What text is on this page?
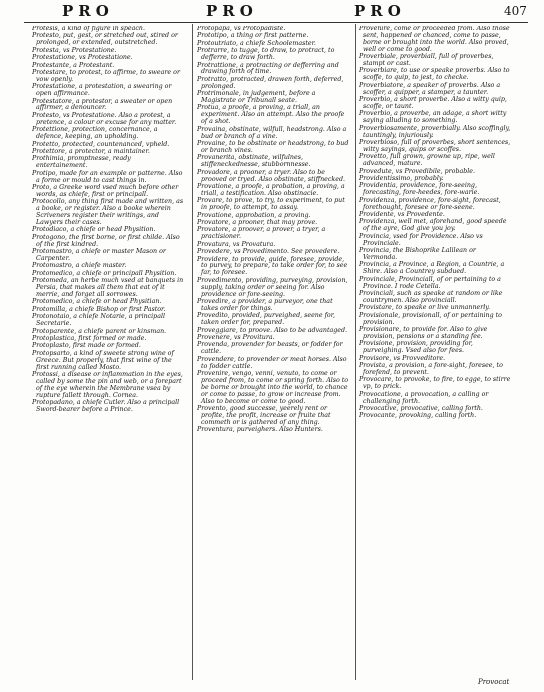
PRO	PRO	PRO	407
Protesis, a kind of figure in speach.
Protesto, put, gest, or stretched out, stired or prolonged, or extended, outstretched.
Protesta, vs Protestatione.
Protestatione, vs Protestatione.
Protestante, a Protestant.
Protestare, to protest, to affirme, to sweare or vow openly.
Protestatione, a protestation, a swearing or open affirmance.
Protestatore, a protestor, a sweater or open affirmer, a denouncer.
Protesto, vs Protestatione. Also a protest, a pretence, a colour or excuse for any matter.
Protettione, protection, concernance, a defence, keeping, an upholding.
Protetto, protected, countenanced, vpheld.
Protettore, a protector, a maintainer.
Prothimia, promptnesse, ready entertainement.
Protipo, made for an example or patterne. Also a forme or mould to cast things in.
Proto, a Greeke word vsed much before other words, as chiefe, first or principall.
Protocollo, any thing first made and written, as a booke, or register. Also a booke wherein Scriveners register their writings, and Lawyers their cases.
Protodiaco, a chiefe or head Physition.
Protogono, the first borne, or first childe. Also of the first kindred.
Protomastro, a chiefe or master Mason or Carpenter.
Protomastro, a chiefe master.
Protomedico, a chiefe or principall Physition.
Protomeda, an herbe much vsed at banquets in Persia, that makes all them that eat of it merrie, and forget all sorrowes.
Protomedico, a chiefe or head Physitian.
Protomilla, a chiefe Bishop or first Pastor.
Protonotaio, a chiefe Notarie, a principall Secretarie.
Protoparente, a chiefe parent or kinsman.
Protoplastica, first formed or made.
Protoplasto, first made or formed.
Protopsarto, a kind of sweete strong wine of Greece. But properly, that first wine of the first running called Mosto.
Protossi, a disease or inflammation in the eyes, called by some the pin and web, or a forepart of the eye wherein the Membrane vsea by rupture fallett through. Cornea.
Protopadano, a chiefe Cutler. Also a principall Sword-bearer before a Prince.
Protopapa, vs Protopadiste.
Prototipo, a thing or first patterne.
Protoutriato, a chiefe Schoolemaster.
Protrarre, to tugge, to draw, to protract, to defferre, to draw forth.
Protrattione, a protracting or defferring and drawing forth of time.
Protratto, protracted, drawen forth, deferred, prolonged.
Protrimonale, in judgement, before a Magistrate or Tribunall seate.
Protua, a proofe, a proving, a triall, an experiment. Also an attempt. Also the proofe of a shot.
Provaina, obstinate, wilfull, headstrong. Also a bud or branch of a vine.
Provaine, to be obstinate or headstrong, to bud or branch vines.
Provanerita, obstinate, wilfulnes, stiffeneckednesse, stubbornnesse.
Provadore, a prooner, a tryer. Also to be prooved or tryed. Also obstinate, stiffnecked.
Provatione, a proofe, a probation, a proving, a triall, a testification. Also obstinacie.
Provare, to prove, to try, to experiment, to put in proofe, to attempt, to assay.
Provatione, approbation, a proving.
Provatore, a prooner, that may prove.
Provatore, a proover, a prover, a tryer, a practisioner.
Provatura, vs Provatura.
Provedere, vs Provedimento. See provedere.
Providere, to provide, guide, foresee, provide, to purvey, to prepare, to take order for, to see far, to foresee.
Provedimento, providing, purveying, provision, supply, taking order or seeing for. Also providence or fore-seeing.
Provedire, a provider, a purveyor, one that takes order for things.
Provedito, provided, purveighed, seene for, taken order for, prepared.
Proveggiare, to proove. Also to be advantaged.
Provenere, vs Provitura.
Provenda, provender for beasts, or fodder for cattle.
Provendere, to provender or meat horses. Also to fodder cattle.
Provenire, vengo, venni, venuto, to come or proceed from, to come or spring forth. Also to be borne or brought into the world, to chance or come to passe, to grow or increase from. Also to become or come to good.
Provento, good successe, yeerely rent or profite, the profit, increase or fruite that commeth or is gathered of any thing.
Proventura, purveighers. Also Hunters.
Provenire, come or proceeded from. Also those sent, happened or chanced, come to passe, borne or brought into the world. Also proved, well or come to good.
Proverbiale, proverbiall, full of proverbes, stampt or cast.
Proverbiare, to use or speake proverbs. Also to scoffe, to quip, to jest, to checke.
Proverbiatore, a speaker of proverbs. Also a scoffer, a quipper, a stamper, a taunter.
Proverbio, a short proverbe. Also a witty quip, scoffe, or taunt.
Proverbio, a proverbe, an adage, a short witty saying alluding to something.
Proverbiosamente, proverbially. Also scoffingly, tauntingly, injuriously.
Proverbioso, full of proverbes, short sentences, witty sayings, quips or scoffes.
Provetto, full grown, growne up, ripe, well advanced, mature.
Provedute, vs Provedibile, probable.
Providentissimo, probably.
Providentia, providence, fore-seeing, forecasting, fore-heedes, fore-warie.
Providenza, providence, fore-sight, forecast, forethought, foresee or fore-seene.
Providente, vs Provedente.
Providenza, well met, aforehand, good speede of the ayre, God give you joy.
Provincia, vsed for Providence. Also vs Provinciale.
Provincia, the Bishoprike Lalilean or Vermonda.
Provincia, a Province, a Region, a Countrie, a Shire. Also a Countrey subdued.
Provinciale, Provinciall, of or pertaining to a Province. I rode Cetella.
Provinciali, such as speake at random or like countrymen. Also provinciall.
Provistare, to speake or live unmannerly.
Provisionale, provisionall, of or pertaining to provision.
Provisionare, to provide for. Also to give provision, pensions or a standing fee.
Provisione, provision, providing for, purveighing. Vsed also for fees.
Provisore, vs Provveditore.
Provista, a provision, a fore-sight, foresee, to forefend, to prevent.
Provocare, to provoke, to fire, to egge, to stirre vp, to prick.
Provocatione, a provocation, a calling or challenging forth.
Provocative, provocative, calling forth.
Provocante, provoking, calling forth.
Provocat
